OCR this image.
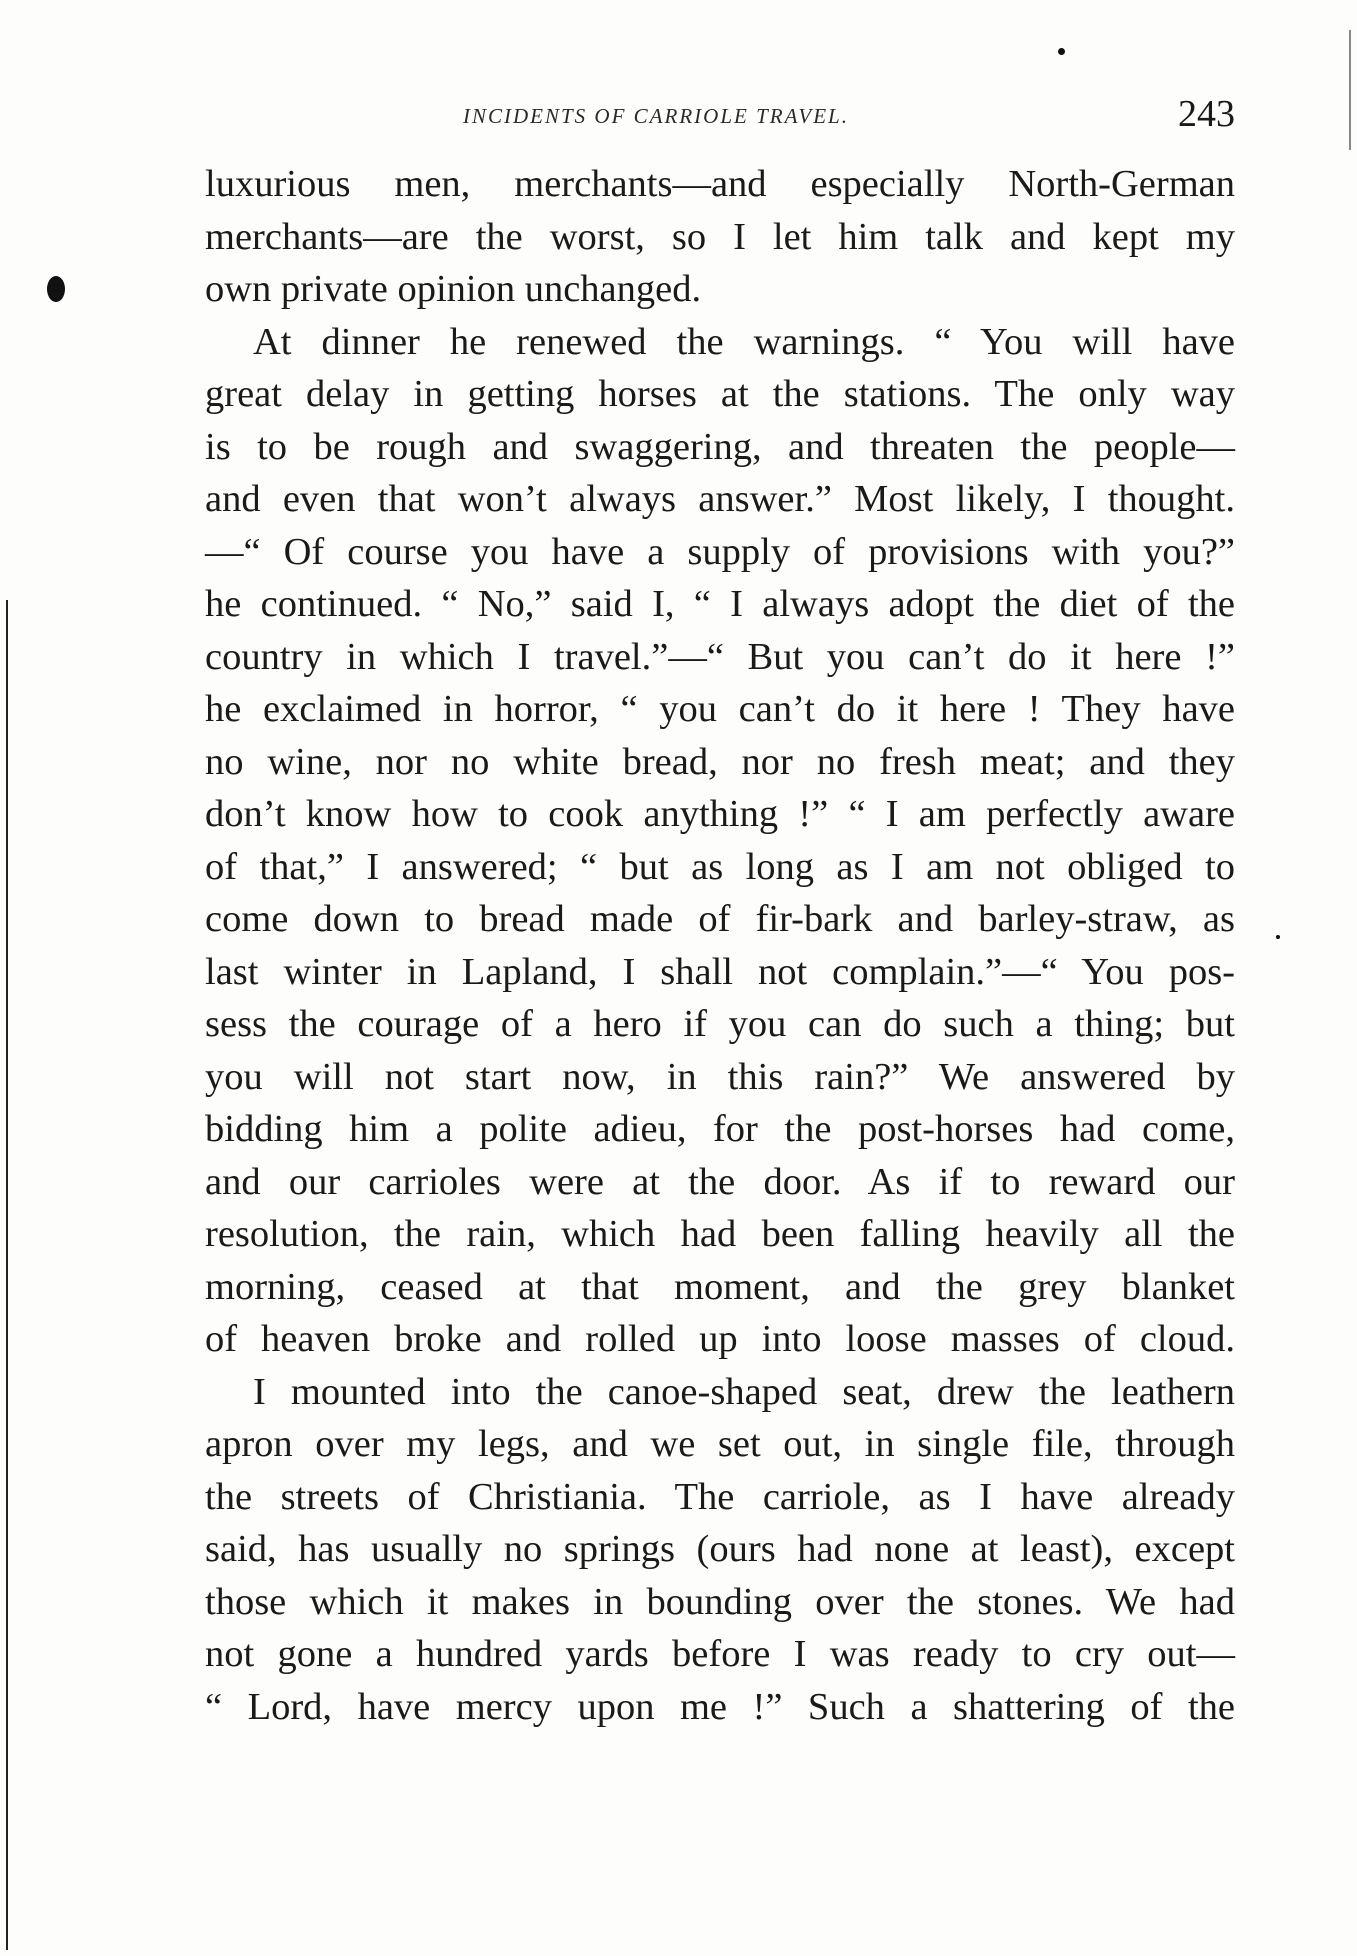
INCIDENTS OF CARRIOLE TRAVEL.	243

luxurious men, merchants—and especially North-German
merchants—are the worst, so I let him talk and kept my
own private opinion unchanged.

At dinner he renewed the warnings. “ You will have
great delay in getting horses at the stations. The only way
is to be rough and swaggering, and threaten the people—
and even that won’t always answer.” Most likely, I thought.
—“ Of course you have a supply of provisions with you?”
he continued. “ No,” said I, “ I always adopt the diet of the
country in which I travel.”—“ But you can’t do it here !”
he exclaimed in horror, “ you can’t do it here ! They have
no wine, nor no white bread, nor no fresh meat; and they
don’t know how to cook anything !” “ I am perfectly aware
of that,” I answered; “ but as long as I am not obliged to
come down to bread made of fir-bark and barley-straw, as
last winter in Lapland, I shall not complain.”—“ You pos-
sess the courage of a hero if you can do such a thing; but
you will not start now, in this rain?” We answered by
bidding him a polite adieu, for the post-horses had come,
and our carrioles were at the door. As if to reward our
resolution, the rain, which had been falling heavily all the
morning, ceased at that moment, and the grey blanket
of heaven broke and rolled up into loose masses of cloud.

I mounted into the canoe-shaped seat, drew the leathern
apron over my legs, and we set out, in single file, through
the streets of Christiania. The carriole, as I have already
said, has usually no springs (ours had none at least), except
those which it makes in bounding over the stones. We had
not gone a hundred yards before I was ready to cry out—
“ Lord, have mercy upon me !” Such a shattering of the
